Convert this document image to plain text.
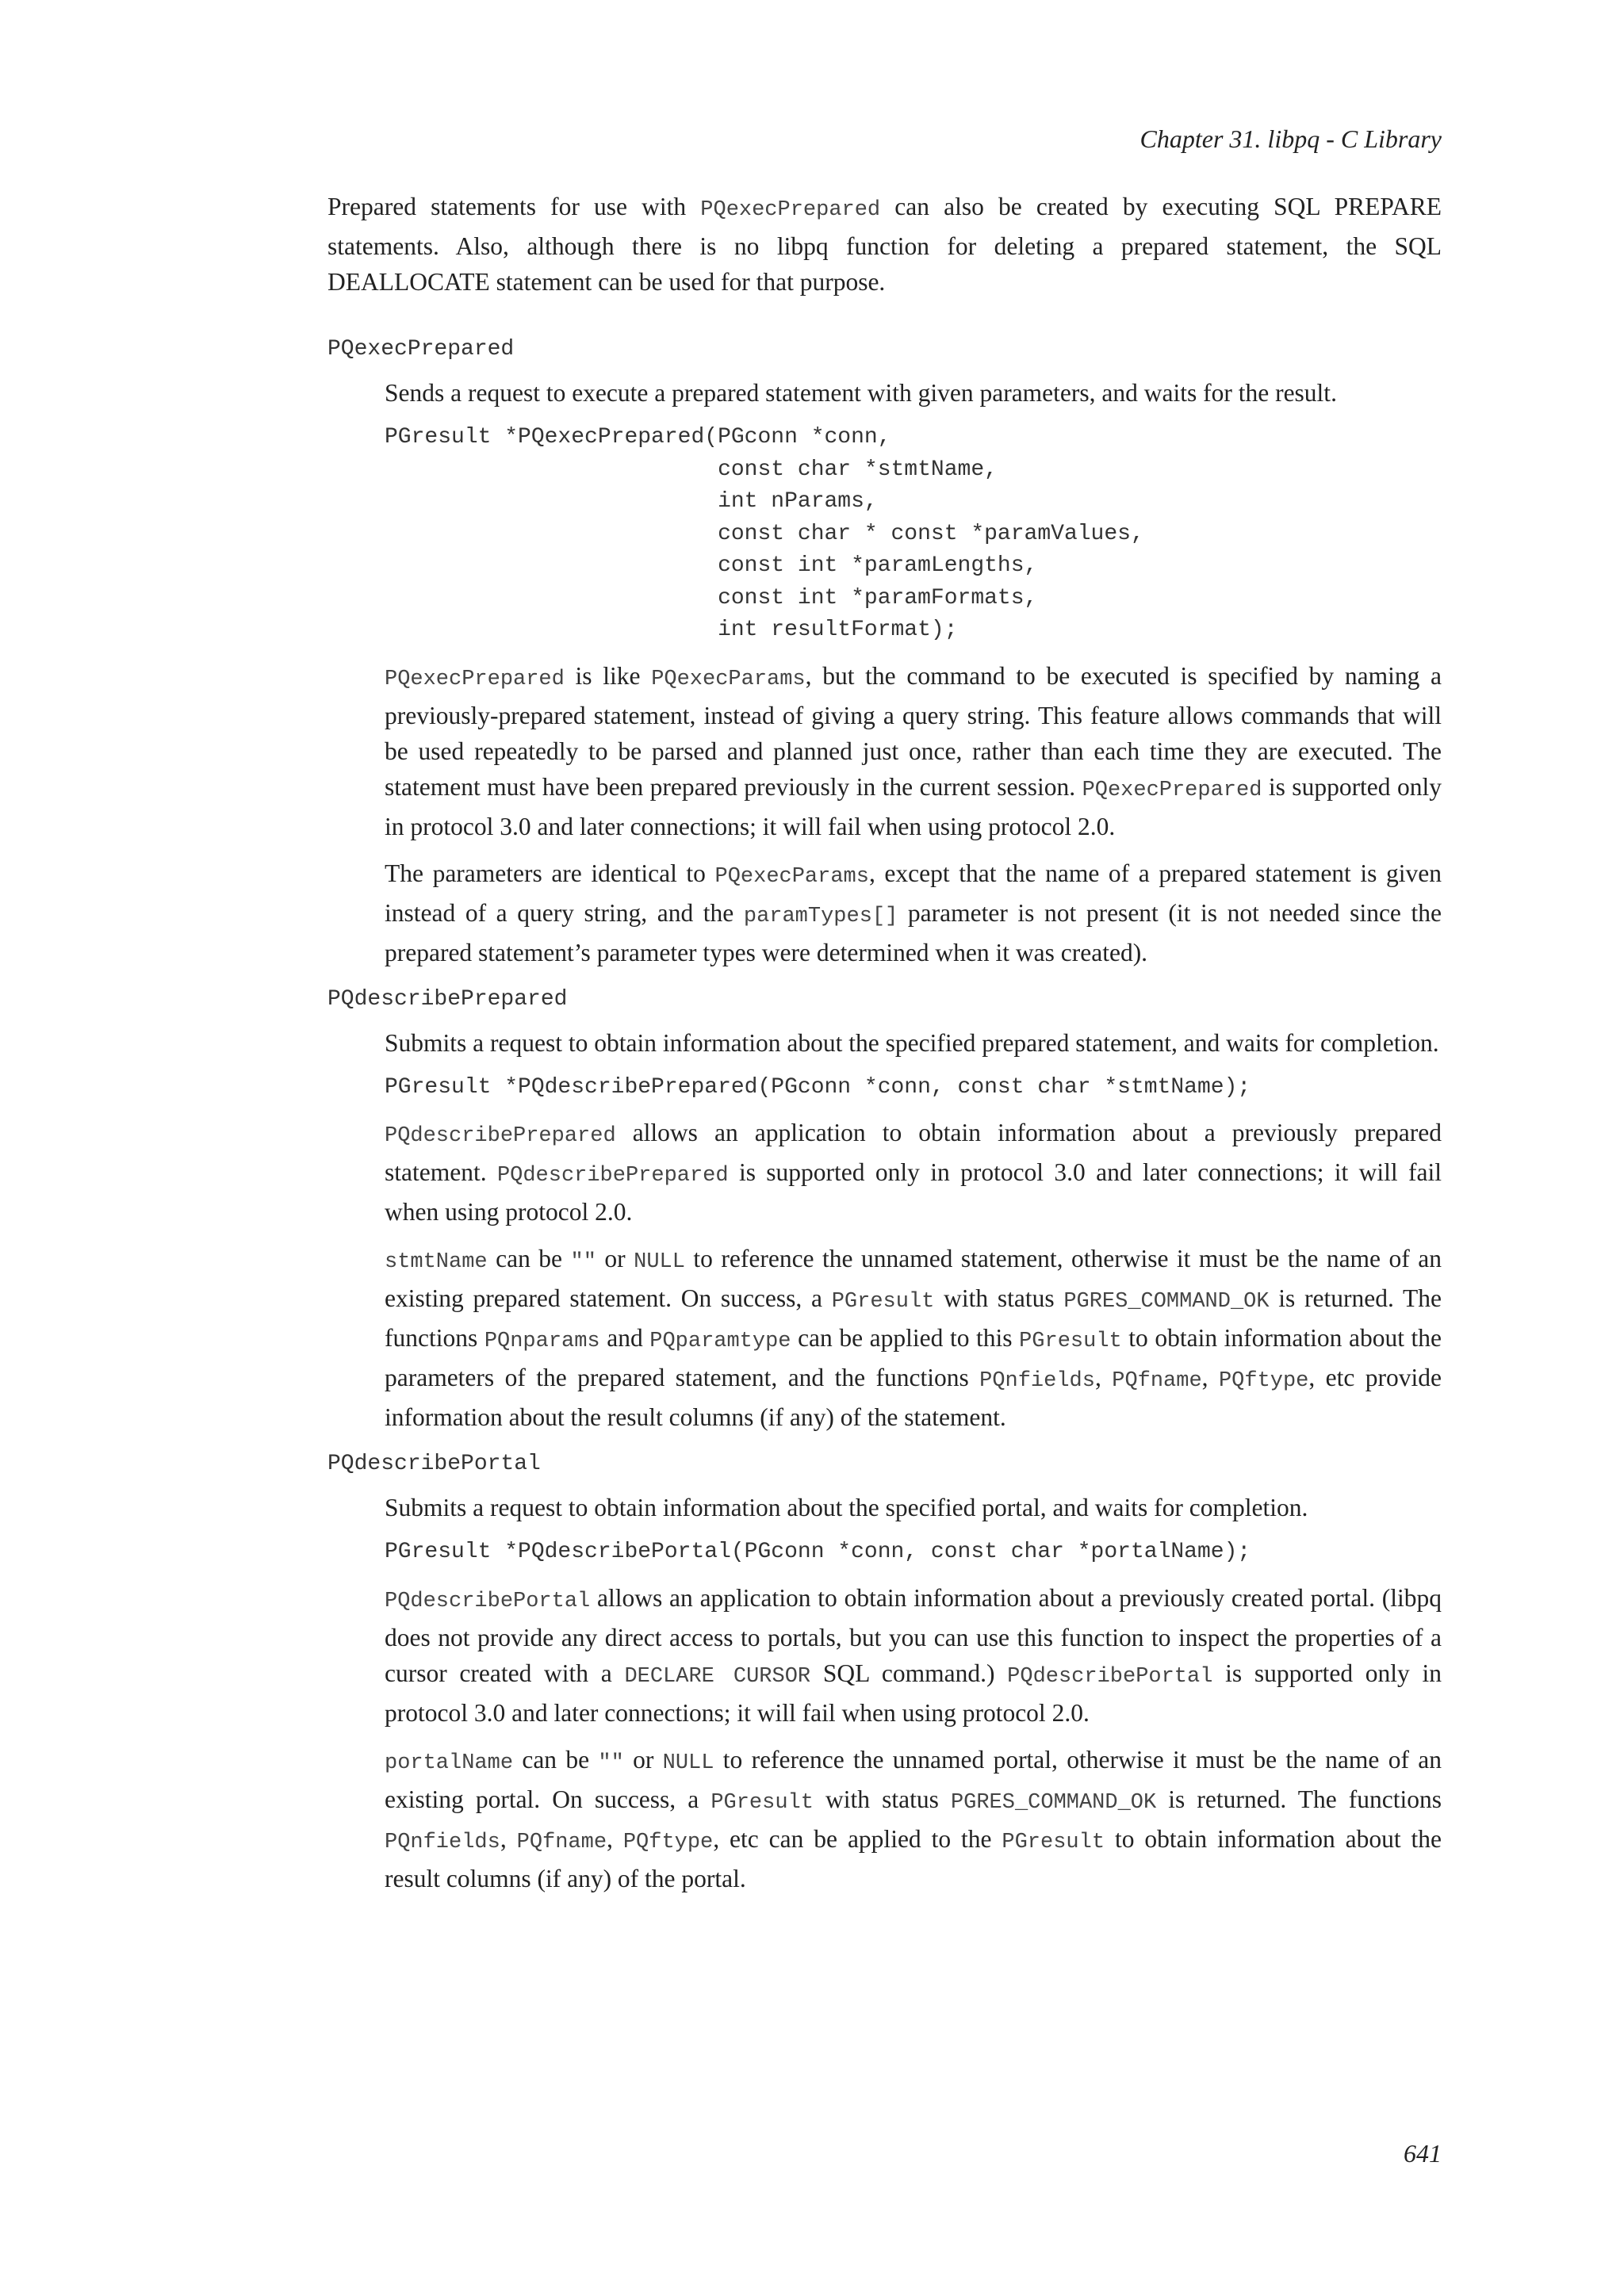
Chapter 31. libpq - C Library

Prepared statements for use with PQexecPrepared can also be created by executing SQL PREPARE statements. Also, although there is no libpq function for deleting a prepared statement, the SQL DEALLOCATE statement can be used for that purpose.

PQexecPrepared

Sends a request to execute a prepared statement with given parameters, and waits for the result.

PGresult *PQexecPrepared(PGconn *conn,
const char *stmtName,
int nParams,
const char * const *paramValues,
const int *paramLengths,
const int *paramFormats,
int resultFormat);

PQexecPrepared is like PQexecParams, but the command to be executed is specified by naming a previously-prepared statement, instead of giving a query string. This feature allows commands that will be used repeatedly to be parsed and planned just once, rather than each time they are executed. The statement must have been prepared previously in the current session. PQexecPrepared is supported only in protocol 3.0 and later connections; it will fail when using protocol 2.0.

The parameters are identical to PQexecParams, except that the name of a prepared statement is given instead of a query string, and the paramTypes[] parameter is not present (it is not needed since the prepared statement’s parameter types were determined when it was created).

PQdescribePrepared

Submits a request to obtain information about the specified prepared statement, and waits for completion.

PGresult *PQdescribePrepared(PGconn *conn, const char *stmtName);

PQdescribePrepared allows an application to obtain information about a previously prepared statement. PQdescribePrepared is supported only in protocol 3.0 and later connections; it will fail when using protocol 2.0.

stmtName can be "" or NULL to reference the unnamed statement, otherwise it must be the name of an existing prepared statement. On success, a PGresult with status PGRES_COMMAND_OK is returned. The functions PQnparams and PQparamtype can be applied to this PGresult to obtain information about the parameters of the prepared statement, and the functions PQnfields, PQfname, PQftype, etc provide information about the result columns (if any) of the statement.

PQdescribePortal

Submits a request to obtain information about the specified portal, and waits for completion.

PGresult *PQdescribePortal(PGconn *conn, const char *portalName);

PQdescribePortal allows an application to obtain information about a previously created portal. (libpq does not provide any direct access to portals, but you can use this function to inspect the properties of a cursor created with a DECLARE CURSOR SQL command.) PQdescribePortal is supported only in protocol 3.0 and later connections; it will fail when using protocol 2.0.

portalName can be "" or NULL to reference the unnamed portal, otherwise it must be the name of an existing portal. On success, a PGresult with status PGRES_COMMAND_OK is returned. The functions PQnfields, PQfname, PQftype, etc can be applied to the PGresult to obtain information about the result columns (if any) of the portal.

641
